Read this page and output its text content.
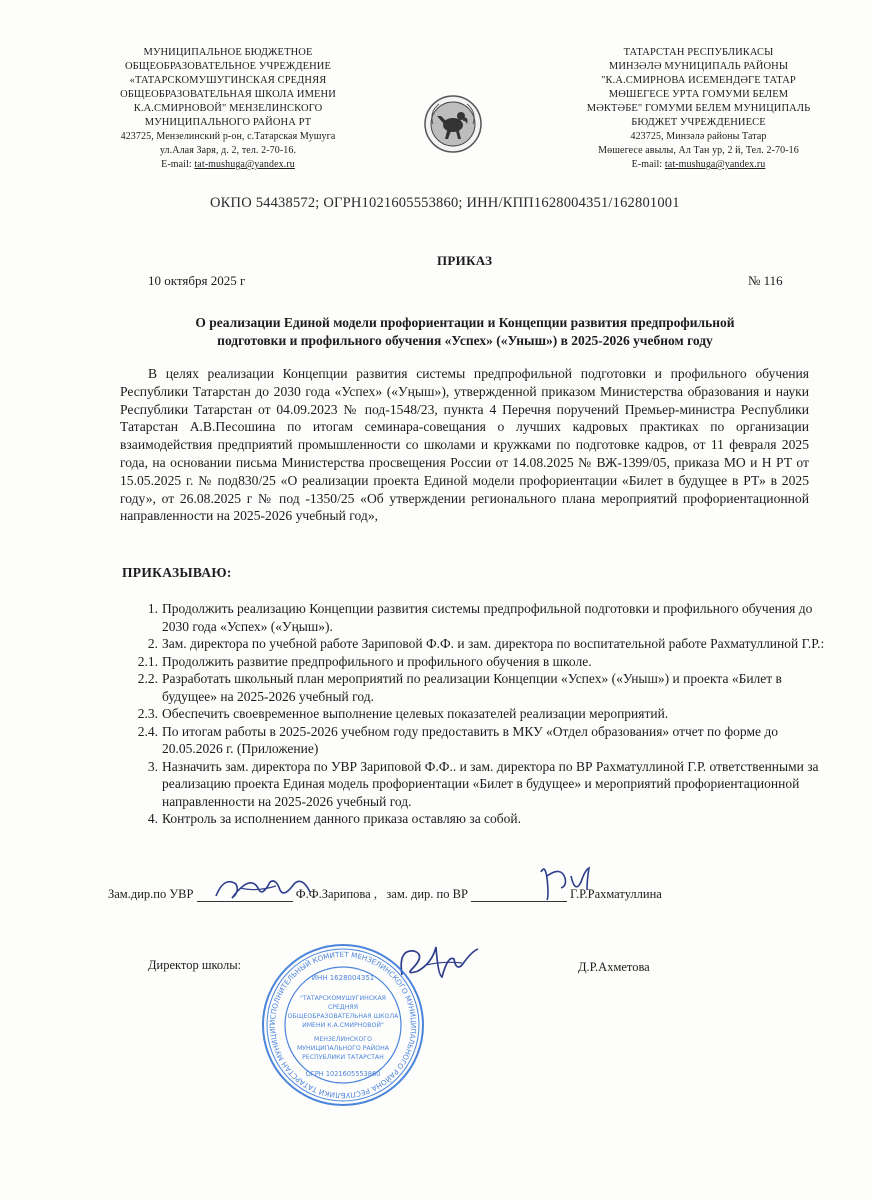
МУНИЦИПАЛЬНОЕ БЮДЖЕТНОЕ
ОБЩЕОБРАЗОВАТЕЛЬНОЕ УЧРЕЖДЕНИЕ
«ТАТАРСКОМУШУГИНСКАЯ СРЕДНЯЯ
ОБЩЕОБРАЗОВАТЕЛЬНАЯ ШКОЛА ИМЕНИ
К.А.СМИРНОВОЙ" МЕНЗЕЛИНСКОГО
МУНИЦИПАЛЬНОГО РАЙОНА РТ
423725, Мензелинский р-он, с.Татарская Мушуга
ул.Алая Заря, д. 2, тел. 2-70-16.
E-mail: tat-mushuga@yandex.ru
ТАТАРСТАН РЕСПУБЛИКАСЫ
МИНЗӘЛӘ МУНИЦИПАЛЬ РАЙОНЫ
"К.А.СМИРНОВА ИСЕМЕНДӘГЕ ТАТАР
МӨШЕГЕСЕ УРТА ГОМУМИ БЕЛЕМ
МӘКТӘБЕ" ГОМУМИ БЕЛЕМ МУНИЦИПАЛЬ
БЮДЖЕТ УЧРЕЖДЕНИЕСЕ
423725, Минзәлә районы Татар
Мөшегесе авылы, Ал Тан ур, 2 й, Тел. 2-70-16
E-mail: tat-mushuga@yandex.ru
ОКПО 54438572; ОГРН1021605553860; ИНН/КПП1628004351/162801001
ПРИКАЗ
10 октября 2025 г	№ 116
О реализации Единой модели профориентации и Концепции развития предпрофильной
подготовки и профильного обучения «Успех» («Уныш») в 2025-2026 учебном году
В целях реализации Концепции развития системы предпрофильной подготовки и профильного обучения Республики Татарстан до 2030 года «Успех» («Уңыш»), утвержденной приказом Министерства образования и науки Республики Татарстан от 04.09.2023 № под-1548/23, пункта 4 Перечня поручений Премьер-министра Республики Татарстан А.В.Песошина по итогам семинара-совещания о лучших кадровых практиках по организации взаимодействия предприятий промышленности со школами и кружками по подготовке кадров, от 11 февраля 2025 года, на основании письма Министерства просвещения России от 14.08.2025 № ВЖ-1399/05, приказа МО и Н РТ от 15.05.2025 г. № под830/25 «О реализации проекта Единой модели профориентации «Билет в будущее в РТ» в 2025 году», от 26.08.2025 г № под -1350/25 «Об утверждении регионального плана мероприятий профориентационной направленности на 2025-2026 учебный год»,
ПРИКАЗЫВАЮ:
1. Продолжить реализацию Концепции развития системы предпрофильной подготовки и профильного обучения до 2030 года «Успех» («Уңыш»).
2. Зам. директора по учебной работе Зариповой Ф.Ф. и зам. директора по воспитательной работе Рахматуллиной Г.Р.:
2.1. Продолжить развитие предпрофильного и профильного обучения в школе.
2.2. Разработать школьный план мероприятий по реализации Концепции «Успех» («Уныш») и проекта «Билет в будущее» на 2025-2026 учебный год.
2.3. Обеспечить своевременное выполнение целевых показателей реализации мероприятий.
2.4. По итогам работы в 2025-2026 учебном году предоставить в МКУ «Отдел образования» отчет по форме до 20.05.2026 г. (Приложение)
3. Назначить зам. директора по УВР Зариповой Ф.Ф.. и зам. директора по ВР Рахматуллиной Г.Р. ответственными за реализацию проекта Единая модель профориентации «Билет в будущее» и мероприятий профориентационной направленности на 2025-2026 учебный год.
4. Контроль за исполнением данного приказа оставляю за собой.
Зам.дир.по УВР	Ф.Ф.Зарипова , зам. дир. по ВР	Г.Р.Рахматуллина
Директор школы:	Д.Р.Ахметова
ИСПОЛНИТЕЛЬНЫЙ КОМИТЕТ МЕНЗЕЛИНСКОГО МУНИЦИПАЛЬНОГО РАЙОНА РЕСПУБЛИКИ ТАТАРСТАН МУНИЦИП
ИНН 1628004351
"ТАТАРСКОМУШУГИНСКАЯ
СРЕДНЯЯ
ОБЩЕОБРАЗОВАТЕЛЬНАЯ ШКОЛА
ИМЕНИ К.А.СМИРНОВОЙ"
МЕНЗЕЛИНСКОГО
МУНИЦИПАЛЬНОГО РАЙОНА
РЕСПУБЛИКИ ТАТАРСТАН
ОГРН 1021605553860
